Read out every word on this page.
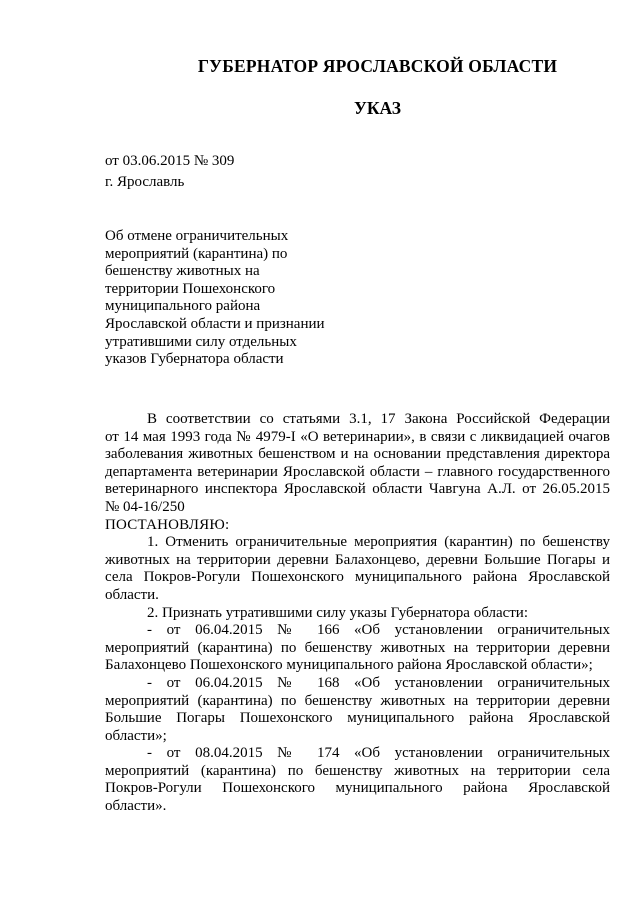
ГУБЕРНАТОР ЯРОСЛАВСКОЙ ОБЛАСТИ
УКАЗ
от 03.06.2015 № 309
г. Ярославль
Об отмене ограничительных
мероприятий (карантина) по
бешенству животных на
территории Пошехонского
муниципального района
Ярославской области и признании
утратившими силу отдельных
указов Губернатора области
В соответствии со статьями 3.1, 17 Закона Российской Федерации
от 14 мая 1993 года № 4979-I «О ветеринарии», в связи с ликвидацией очагов
заболевания животных бешенством и на основании представления директора
департамента ветеринарии Ярославской области – главного государственного
ветеринарного инспектора Ярославской области Чавгуна А.Л. от 26.05.2015
№ 04-16/250
ПОСТАНОВЛЯЮ:
1. Отменить ограничительные мероприятия (карантин) по бешенству
животных на территории деревни Балахонцево, деревни Большие Погары и
села Покров-Рогули Пошехонского муниципального района Ярославской
области.
2. Признать утратившими силу указы Губернатора области:
- от 06.04.2015 № 166 «Об установлении ограничительных
мероприятий (карантина) по бешенству животных на территории деревни
Балахонцево Пошехонского муниципального района Ярославской области»;
- от 06.04.2015 № 168 «Об установлении ограничительных
мероприятий (карантина) по бешенству животных на территории деревни
Большие Погары Пошехонского муниципального района Ярославской
области»;
- от 08.04.2015 № 174 «Об установлении ограничительных
мероприятий (карантина) по бешенству животных на территории села
Покров-Рогули Пошехонского муниципального района Ярославской
области».
